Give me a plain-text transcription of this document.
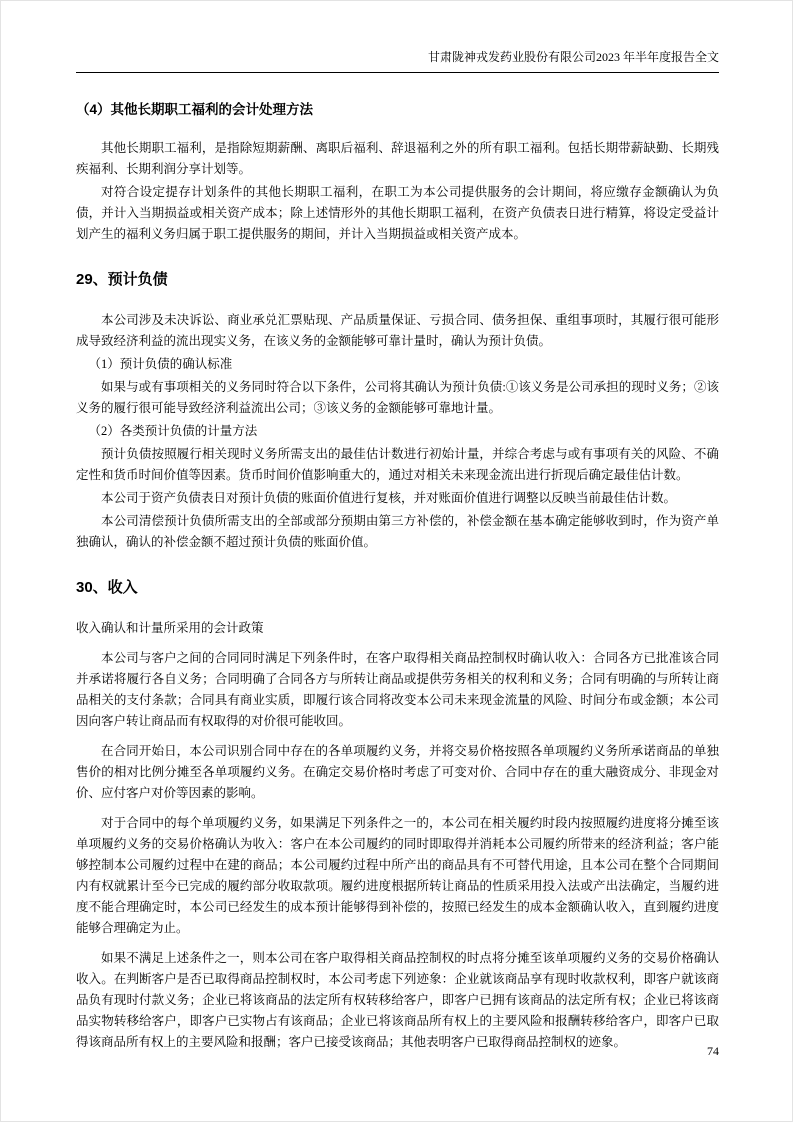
甘肃陇神戎发药业股份有限公司2023 年半年度报告全文
（4）其他长期职工福利的会计处理方法

其他长期职工福利，是指除短期薪酬、离职后福利、辞退福利之外的所有职工福利。包括长期带薪缺勤、长期残疾福利、长期利润分享计划等。

对符合设定提存计划条件的其他长期职工福利，在职工为本公司提供服务的会计期间，将应缴存金额确认为负债，并计入当期损益或相关资产成本；除上述情形外的其他长期职工福利，在资产负债表日进行精算，将设定受益计划产生的福利义务归属于职工提供服务的期间，并计入当期损益或相关资产成本。

29、预计负债

本公司涉及未决诉讼、商业承兑汇票贴现、产品质量保证、亏损合同、债务担保、重组事项时，其履行很可能形成导致经济利益的流出现实义务，在该义务的金额能够可靠计量时，确认为预计负债。

（1）预计负债的确认标准

如果与或有事项相关的义务同时符合以下条件，公司将其确认为预计负债:①该义务是公司承担的现时义务；②该义务的履行很可能导致经济利益流出公司；③该义务的金额能够可靠地计量。

（2）各类预计负债的计量方法

预计负债按照履行相关现时义务所需支出的最佳估计数进行初始计量，并综合考虑与或有事项有关的风险、不确定性和货币时间价值等因素。货币时间价值影响重大的，通过对相关未来现金流出进行折现后确定最佳估计数。

本公司于资产负债表日对预计负债的账面价值进行复核，并对账面价值进行调整以反映当前最佳估计数。

本公司清偿预计负债所需支出的全部或部分预期由第三方补偿的，补偿金额在基本确定能够收到时，作为资产单独确认，确认的补偿金额不超过预计负债的账面价值。

30、收入

收入确认和计量所采用的会计政策

本公司与客户之间的合同同时满足下列条件时，在客户取得相关商品控制权时确认收入：合同各方已批准该合同并承诺将履行各自义务；合同明确了合同各方与所转让商品或提供劳务相关的权利和义务；合同有明确的与所转让商品相关的支付条款；合同具有商业实质，即履行该合同将改变本公司未来现金流量的风险、时间分布或金额；本公司因向客户转让商品而有权取得的对价很可能收回。

在合同开始日，本公司识别合同中存在的各单项履约义务，并将交易价格按照各单项履约义务所承诺商品的单独售价的相对比例分摊至各单项履约义务。在确定交易价格时考虑了可变对价、合同中存在的重大融资成分、非现金对价、应付客户对价等因素的影响。

对于合同中的每个单项履约义务，如果满足下列条件之一的，本公司在相关履约时段内按照履约进度将分摊至该单项履约义务的交易价格确认为收入：客户在本公司履约的同时即取得并消耗本公司履约所带来的经济利益；客户能够控制本公司履约过程中在建的商品；本公司履约过程中所产出的商品具有不可替代用途，且本公司在整个合同期间内有权就累计至今已完成的履约部分收取款项。履约进度根据所转让商品的性质采用投入法或产出法确定，当履约进度不能合理确定时，本公司已经发生的成本预计能够得到补偿的，按照已经发生的成本金额确认收入，直到履约进度能够合理确定为止。

如果不满足上述条件之一，则本公司在客户取得相关商品控制权的时点将分摊至该单项履约义务的交易价格确认收入。在判断客户是否已取得商品控制权时，本公司考虑下列迹象：企业就该商品享有现时收款权利，即客户就该商品负有现时付款义务；企业已将该商品的法定所有权转移给客户，即客户已拥有该商品的法定所有权；企业已将该商品实物转移给客户，即客户已实物占有该商品；企业已将该商品所有权上的主要风险和报酬转移给客户，即客户已取得该商品所有权上的主要风险和报酬；客户已接受该商品；其他表明客户已取得商品控制权的迹象。

74
